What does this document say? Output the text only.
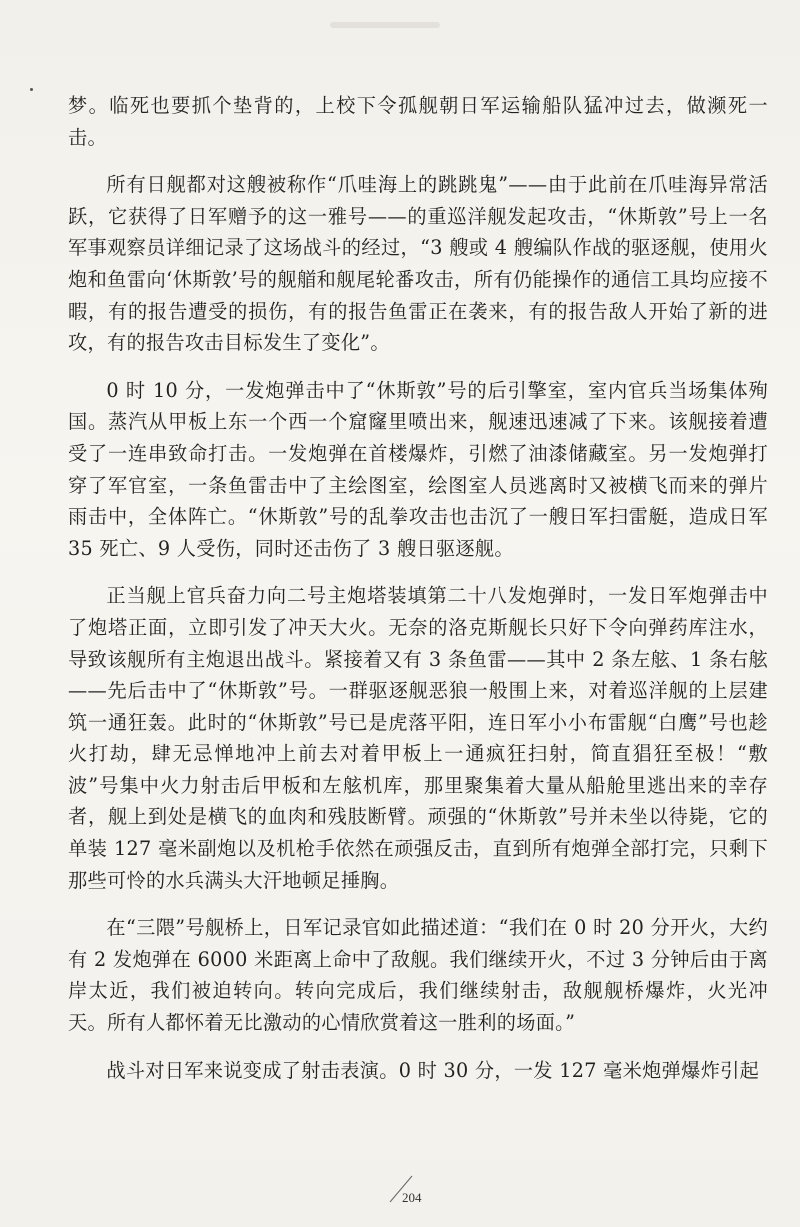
梦。临死也要抓个垫背的，上校下令孤舰朝日军运输船队猛冲过去，做濒死一击。

所有日舰都对这艘被称作“爪哇海上的跳跳鬼”——由于此前在爪哇海异常活跃，它获得了日军赠予的这一雅号——的重巡洋舰发起攻击，“休斯敦”号上一名军事观察员详细记录了这场战斗的经过，“3 艘或 4 艘编队作战的驱逐舰，使用火炮和鱼雷向‘休斯敦’号的舰艏和舰尾轮番攻击，所有仍能操作的通信工具均应接不暇，有的报告遭受的损伤，有的报告鱼雷正在袭来，有的报告敌人开始了新的进攻，有的报告攻击目标发生了变化”。

0 时 10 分，一发炮弹击中了“休斯敦”号的后引擎室，室内官兵当场集体殉国。蒸汽从甲板上东一个西一个窟窿里喷出来，舰速迅速减了下来。该舰接着遭受了一连串致命打击。一发炮弹在首楼爆炸，引燃了油漆储藏室。另一发炮弹打穿了军官室，一条鱼雷击中了主绘图室，绘图室人员逃离时又被横飞而来的弹片雨击中，全体阵亡。“休斯敦”号的乱拳攻击也击沉了一艘日军扫雷艇，造成日军 35 死亡、9 人受伤，同时还击伤了 3 艘日驱逐舰。

正当舰上官兵奋力向二号主炮塔装填第二十八发炮弹时，一发日军炮弹击中了炮塔正面，立即引发了冲天大火。无奈的洛克斯舰长只好下令向弹药库注水，导致该舰所有主炮退出战斗。紧接着又有 3 条鱼雷——其中 2 条左舷、1 条右舷——先后击中了“休斯敦”号。一群驱逐舰恶狼一般围上来，对着巡洋舰的上层建筑一通狂轰。此时的“休斯敦”号已是虎落平阳，连日军小小布雷舰“白鹰”号也趁火打劫，肆无忌惮地冲上前去对着甲板上一通疯狂扫射，简直猖狂至极！“敷波”号集中火力射击后甲板和左舷机库，那里聚集着大量从船舱里逃出来的幸存者，舰上到处是横飞的血肉和残肢断臂。顽强的“休斯敦”号并未坐以待毙，它的单装 127 毫米副炮以及机枪手依然在顽强反击，直到所有炮弹全部打完，只剩下那些可怜的水兵满头大汗地顿足捶胸。

在“三隈”号舰桥上，日军记录官如此描述道：“我们在 0 时 20 分开火，大约有 2 发炮弹在 6000 米距离上命中了敌舰。我们继续开火，不过 3 分钟后由于离岸太近，我们被迫转向。转向完成后，我们继续射击，敌舰舰桥爆炸，火光冲天。所有人都怀着无比激动的心情欣赏着这一胜利的场面。”

战斗对日军来说变成了射击表演。0 时 30 分，一发 127 毫米炮弹爆炸引起

204
